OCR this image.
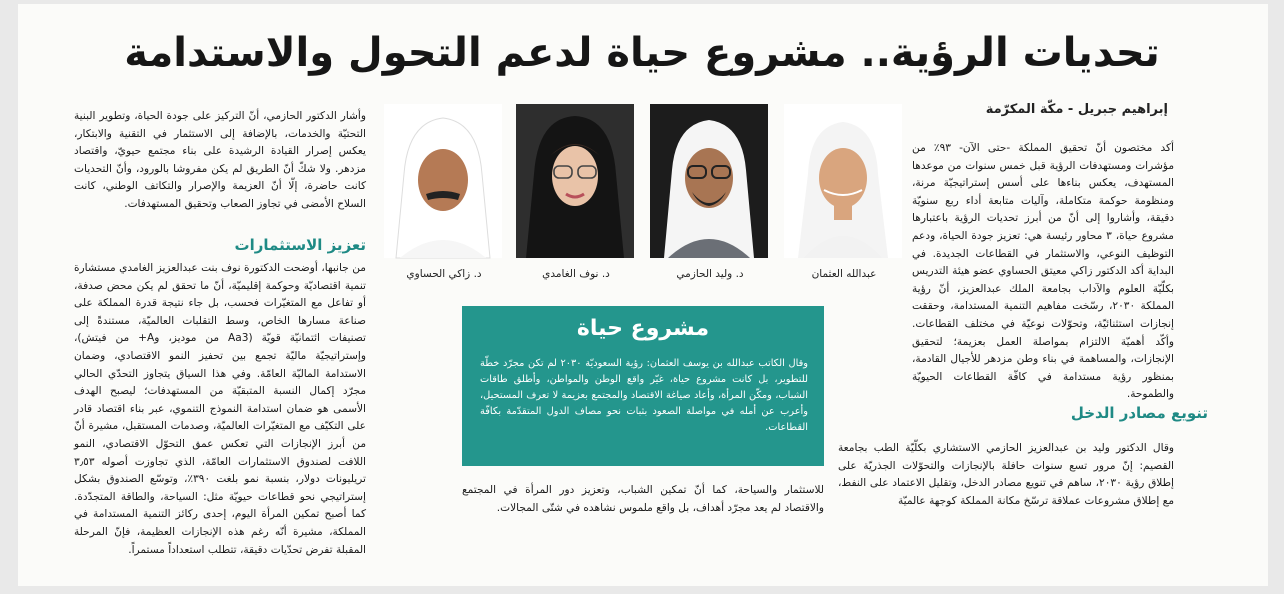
تحديات الرؤية.. مشروع حياة لدعم التحول والاستدامة
إبراهيم جبريل - مكّة المكرّمة

أكد مختصون أنّ تحقيق المملكة -حتى الآن- ٩٣٪ من مؤشرات ومستهدفات الرؤية قبل خمس سنوات من موعدها المستهدف، يعكس بناءها على أسس إستراتيجيّة مرنة، ومنظومة حوكمة متكاملة، وآليات متابعة أداء ربع سنويّة دقيقة، وأشاروا إلى أنّ من أبرز تحديات الرؤية باعتبارها مشروع حياة، ٣ محاور رئيسة هي: تعزيز جودة الحياة، ودعم التوظيف النوعي، والاستثمار في القطاعات الجديدة. في البداية أكد الدكتور زاكي معيتق الحساوي عضو هيئة التدريس بكلّيّة العلوم والآداب بجامعة الملك عبدالعزيز، أنّ رؤية المملكة ٢٠٣٠، رسّخت مفاهيم التنمية المستدامة، وحققت إنجازات استثنائيّة، وتحوّلات نوعيّة في مختلف القطاعات. وأكّد أهميّة الالتزام بمواصلة العمل بعزيمة؛ لتحقيق الإنجازات، والمساهمة في بناء وطن مزدهر للأجيال القادمة، بمنظور رؤية مستدامة في كافّة القطاعات الحيويّة والطموحة.

تنويع مصادر الدخل

وقال الدكتور وليد بن عبدالعزيز الحازمي الاستشاري بكلّيّة الطب بجامعة القصيم: إنّ مرور تسع سنوات حافلة بالإنجازات والتحوّلات الجذريّة على إطلاق رؤية ٢٠٣٠، ساهم في تنويع مصادر الدخل، وتقليل الاعتماد على النفط، مع إطلاق مشروعات عملاقة ترسّخ مكانة المملكة كوجهة عالميّة

عبدالله العثمان
د. وليد الحازمي
د. نوف الغامدي
د. زاكي الحساوي
مشروع حياة
وقال الكاتب عبدالله بن يوسف العثمان: رؤية السعوديّة ٢٠٣٠ لم تكن مجرّد خطّة للتطوير، بل كانت مشروع حياة، غيّر واقع الوطن والمواطن، وأطلق طاقات الشباب، ومكّن المرأة، وأعاد صياغة الاقتصاد والمجتمع بعزيمة لا تعرف المستحيل، وأعرب عن أمله في مواصلة الصعود بثبات نحو مصاف الدول المتقدّمة بكافّة القطاعات.

للاستثمار والسياحة، كما أنّ تمكين الشباب، وتعزيز دور المرأة في المجتمع والاقتصاد لم يعد مجرّد أهداف، بل واقع ملموس نشاهده في شتّى المجالات.

وأشار الدكتور الحازمي، أنّ التركيز على جودة الحياة، وتطوير البنية التحتيّة والخدمات، بالإضافة إلى الاستثمار في التقنية والابتكار، يعكس إصرار القيادة الرشيدة على بناء مجتمع حيويّ، واقتصاد مزدهر. ولا شكّ أنّ الطريق لم يكن مفروشا بالورود، وأنّ التحديات كانت حاضرة، إلّا أنّ العزيمة والإصرار والتكاتف الوطني، كانت السلاح الأمضى في تجاوز الصعاب وتحقيق المستهدفات.

تعزيز الاستثمارات

من جانبها، أوضحت الدكتورة نوف بنت عبدالعزيز الغامدي مستشارة تنمية اقتصاديّة وحوكمة إقليميّة، أنّ ما تحقق لم يكن محض صدفة، أو تفاعل مع المتغيّرات فحسب، بل جاء نتيجة قدرة المملكة على صناعة مسارها الخاص، وسط التقلبات العالميّة، مستندةً إلى تصنيفات ائتمانيّة قويّة (Aa3 من موديز، وA+ من فيتش)، وإستراتيجيّة ماليّة تجمع بين تحفيز النمو الاقتصادي، وضمان الاستدامة الماليّة العامّة. وفي هذا السياق يتجاوز التحدّي الحالي مجرّد إكمال النسبة المتبقيّة من المستهدفات؛ ليصبح الهدف الأسمى هو ضمان استدامة النموذج التنموي، عبر بناء اقتصاد قادر على التكيّف مع المتغيّرات العالميّة، وصدمات المستقبل، مشيرة أنّ من أبرز الإنجازات التي تعكس عمق التحوّل الاقتصادي، النمو اللافت لصندوق الاستثمارات العامّة، الذي تجاوزت أصوله ٣٫٥٣ تريليونات دولار، بنسبة نمو بلغت ٣٩٠٪، وتوسّع الصندوق بشكل إستراتيجي نحو قطاعات حيويّة مثل: السياحة، والطاقة المتجدّدة. كما أصبح تمكين المرأة اليوم، إحدى ركائز التنمية المستدامة في المملكة، مشيرة أنّه رغم هذه الإنجازات العظيمة، فإنّ المرحلة المقبلة تفرض تحدّيات دقيقة، تتطلب استعداداً مستمراً.
